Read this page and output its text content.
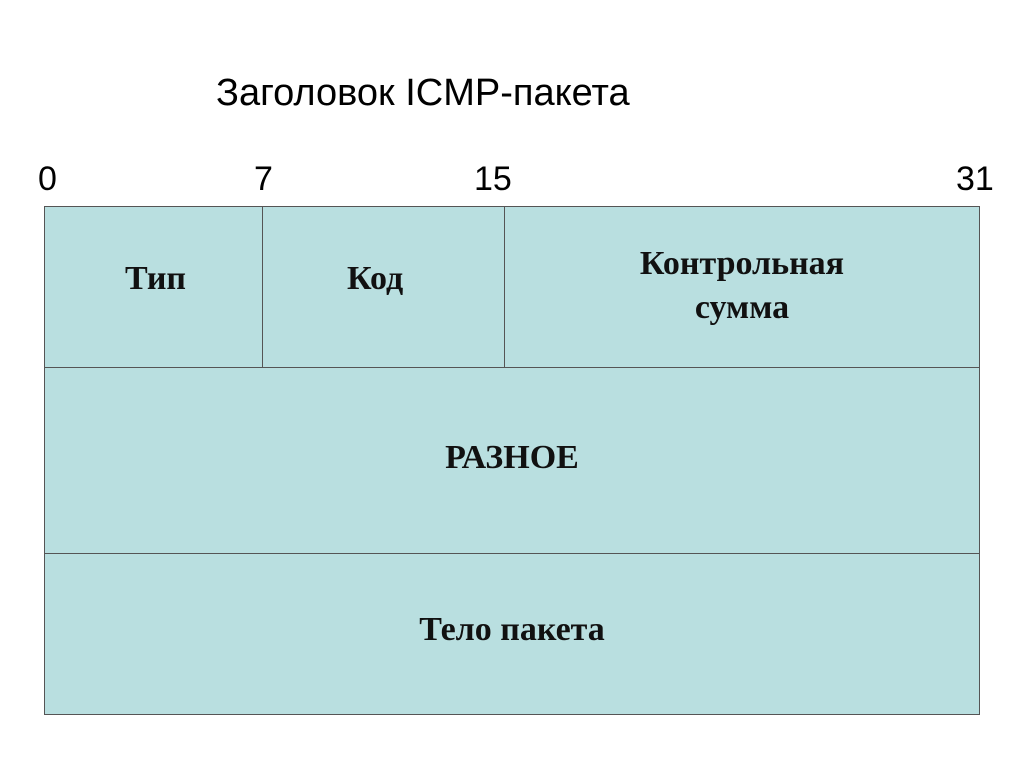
Заголовок ICMP-пакета
0	7	15	31
Тип	Код	Контрольная
сумма
РАЗНОЕ
Тело пакета
